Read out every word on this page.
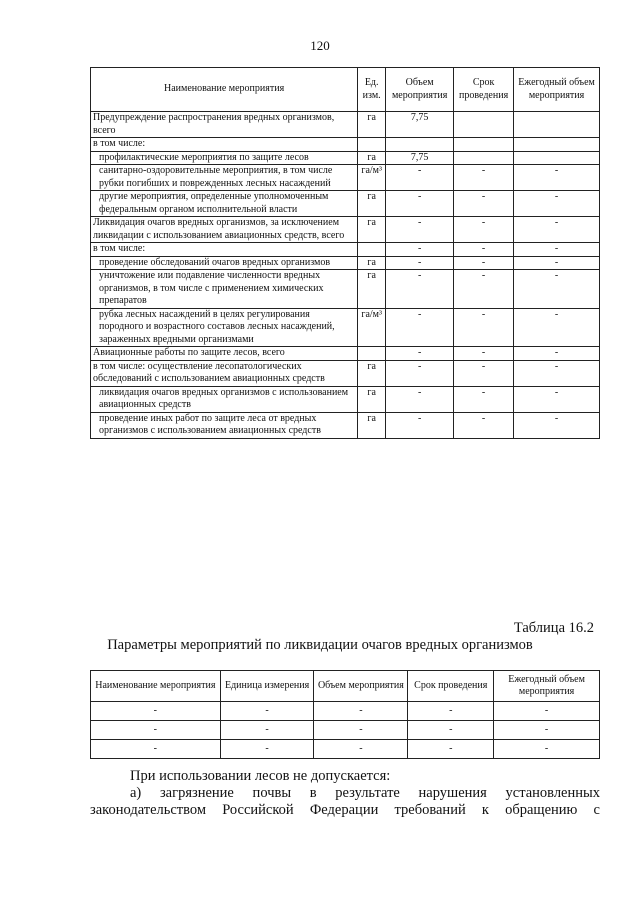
120
Наименование мероприятия	Ед. изм.	Объем мероприятия	Срок проведения	Ежегодный объем мероприятия
Предупреждение распространения вредных организмов, всего	га	7,75		
в том числе:				
профилактические мероприятия по защите лесов	га	7,75		
санитарно-оздоровительные мероприятия, в том числе рубки погибших и поврежденных лесных насаждений	га/м³	-	-	-
другие мероприятия, определенные уполномоченным федеральным органом исполнительной власти	га	-	-	-
Ликвидация очагов вредных организмов, за исключением ликвидации с использованием авиационных средств, всего	га	-	-	-
в том числе:		-	-	-
проведение обследований очагов вредных организмов	га	-	-	-
уничтожение или подавление численности вредных организмов, в том числе с применением химических препаратов	га	-	-	-
рубка лесных насаждений в целях регулирования породного и возрастного составов лесных насаждений, зараженных вредными организмами	га/м³	-	-	-
Авиационные работы по защите лесов, всего		-	-	-
в том числе: осуществление лесопатологических обследований с использованием авиационных средств	га	-	-	-
ликвидация очагов вредных организмов с использованием авиационных средств	га	-	-	-
проведение иных работ по защите леса от вредных организмов с использованием авиационных средств	га	-	-	-
Таблица 16.2
Параметры мероприятий по ликвидации очагов вредных организмов
Наименование мероприятия	Единица измерения	Объем мероприятия	Срок проведения	Ежегодный объем мероприятия
-	-	-	-	-
-	-	-	-	-
-	-	-	-	-
При использовании лесов не допускается:
а) загрязнение почвы в результате нарушения установленных
законодательством Российской Федерации требований к обращению с
